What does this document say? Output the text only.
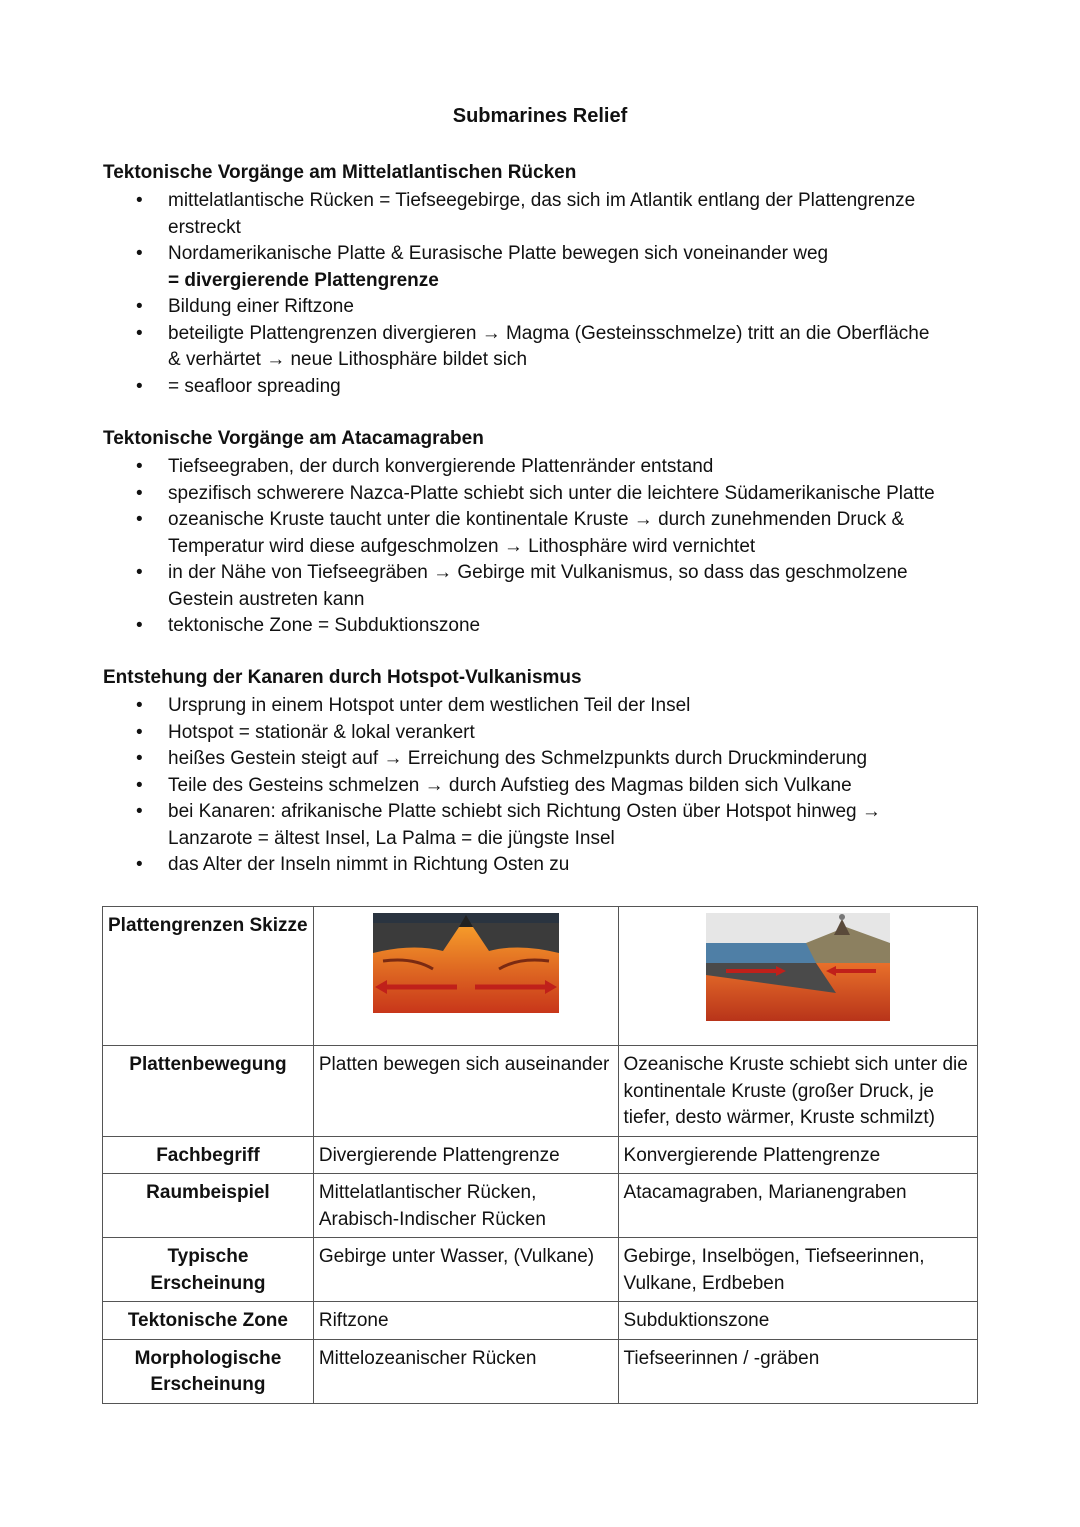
Submarines Relief
Tektonische Vorgänge am Mittelatlantischen Rücken
• mittelatlantische Rücken = Tiefseegebirge, das sich im Atlantik entlang der Plattengrenze
erstreckt
• Nordamerikanische Platte & Eurasische Platte bewegen sich voneinander weg
= divergierende Plattengrenze
• Bildung einer Riftzone
• beteiligte Plattengrenzen divergieren → Magma (Gesteinsschmelze) tritt an die Oberfläche
& verhärtet → neue Lithosphäre bildet sich
• = seafloor spreading
Tektonische Vorgänge am Atacamagraben
• Tiefseegraben, der durch konvergierende Plattenränder entstand
• spezifisch schwerere Nazca-Platte schiebt sich unter die leichtere Südamerikanische Platte
• ozeanische Kruste taucht unter die kontinentale Kruste → durch zunehmenden Druck &
Temperatur wird diese aufgeschmolzen → Lithosphäre wird vernichtet
• in der Nähe von Tiefseegräben → Gebirge mit Vulkanismus, so dass das geschmolzene
Gestein austreten kann
• tektonische Zone = Subduktionszone
Entstehung der Kanaren durch Hotspot-Vulkanismus
• Ursprung in einem Hotspot unter dem westlichen Teil der Insel
• Hotspot = stationär & lokal verankert
• heißes Gestein steigt auf → Erreichung des Schmelzpunkts durch Druckminderung
• Teile des Gesteins schmelzen → durch Aufstieg des Magmas bilden sich Vulkane
• bei Kanaren: afrikanische Platte schiebt sich Richtung Osten über Hotspot hinweg →
Lanzarote = ältest Insel, La Palma = die jüngste Insel
• das Alter der Inseln nimmt in Richtung Osten zu
Plattengrenzen Skizze	

Plattenbewegung	Platten bewegen sich auseinander	Ozeanische Kruste schiebt sich unter die kontinentale Kruste (großer Druck, je tiefer, desto wärmer, Kruste schmilzt)
Fachbegriff	Divergierende Plattengrenze	Konvergierende Plattengrenze
Raumbeispiel	Mittelatlantischer Rücken, Arabisch-Indischer Rücken	Atacamagraben, Marianengraben
Typische Erscheinung	Gebirge unter Wasser, (Vulkane)	Gebirge, Inselbögen, Tiefseerinnen, Vulkane, Erdbeben
Tektonische Zone	Riftzone	Subduktionszone
Morphologische Erscheinung	Mittelozeanischer Rücken	Tiefseerinnen / -gräben
